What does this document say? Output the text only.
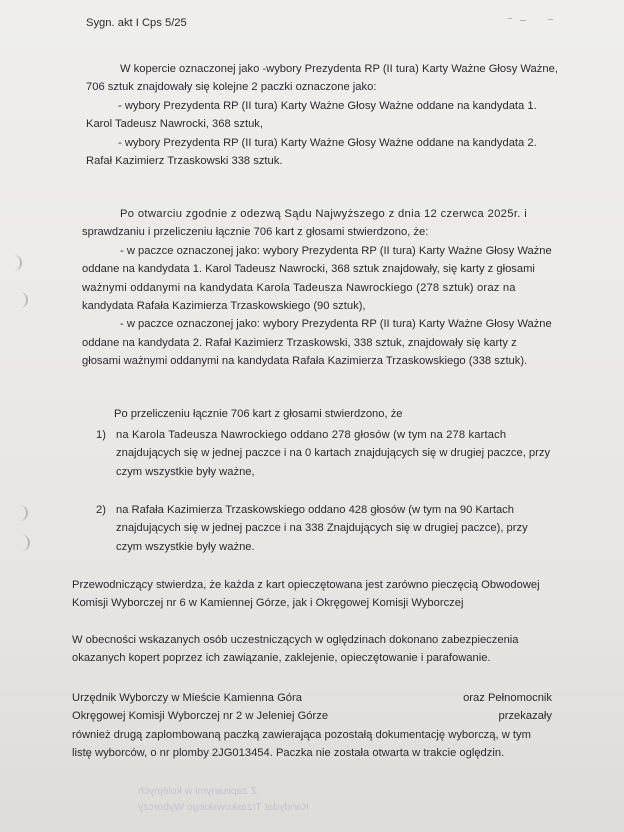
Sygn. akt I Cps 5/25
W kopercie oznaczonej jako -wybory Prezydenta RP (II tura) Karty Ważne Głosy Ważne,
706 sztuk znajdowały się kolejne 2 paczki oznaczone jako:
- wybory Prezydenta RP (II tura) Karty Ważne Głosy Ważne oddane na kandydata 1.
Karol Tadeusz Nawrocki, 368 sztuk,
- wybory Prezydenta RP (II tura) Karty Ważne Głosy Ważne oddane na kandydata 2.
Rafał Kazimierz Trzaskowski 338 sztuk.
Po otwarciu zgodnie z odezwą Sądu Najwyższego z dnia 12 czerwca 2025r. i
sprawdzaniu i przeliczeniu łącznie 706 kart z głosami stwierdzono, że:
- w paczce oznaczonej jako: wybory Prezydenta RP (II tura) Karty Ważne Głosy Ważne
oddane na kandydata 1. Karol Tadeusz Nawrocki, 368 sztuk znajdowały, się karty z głosami
ważnymi oddanymi na kandydata Karola Tadeusza Nawrockiego (278 sztuk) oraz na
kandydata Rafała Kazimierza Trzaskowskiego (90 sztuk),
- w paczce oznaczonej jako: wybory Prezydenta RP (II tura) Karty Ważne Głosy Ważne
oddane na kandydata 2. Rafał Kazimierz Trzaskowski, 338 sztuk, znajdowały się karty z
głosami ważnymi oddanymi na kandydata Rafała Kazimierza Trzaskowskiego (338 sztuk).
Po przeliczeniu łącznie 706 kart z głosami stwierdzono, że
1) na Karola Tadeusza Nawrockiego oddano 278 głosów (w tym na 278 kartach
znajdujących się w jednej paczce i na 0 kartach znajdujących się w drugiej paczce, przy
czym wszystkie były ważne,
2) na Rafała Kazimierza Trzaskowskiego oddano 428 głosów (w tym na 90 Kartach
znajdujących się w jednej paczce i na 338 Znajdujących się w drugiej paczce), przy
czym wszystkie były ważne.
Przewodniczący stwierdza, że każda z kart opieczętowana jest zarówno pieczęcią Obwodowej
Komisji Wyborczej nr 6 w Kamiennej Górze, jak i Okręgowej Komisji Wyborczej
W obecności wskazanych osób uczestniczących w oględzinach dokonano zabezpieczenia
okazanych kopert poprzez ich zawiązanie, zaklejenie, opieczętowanie i parafowanie.
Urzędnik Wyborczy w Mieście Kamienna Góra	oraz Pełnomocnik
Okręgowej Komisji Wyborczej nr 2 w Jeleniej Górze	przekazały
również drugą zaplombowaną paczką zawierająca pozostałą dokumentację wyborczą, w tym
listę wyborców, o nr plomby 2JG013454. Paczka nie została otwarta w trakcie oględzin.
Z zapisanymi w kolejnych
Kandydat Trzaskowskiego Wyborczy
